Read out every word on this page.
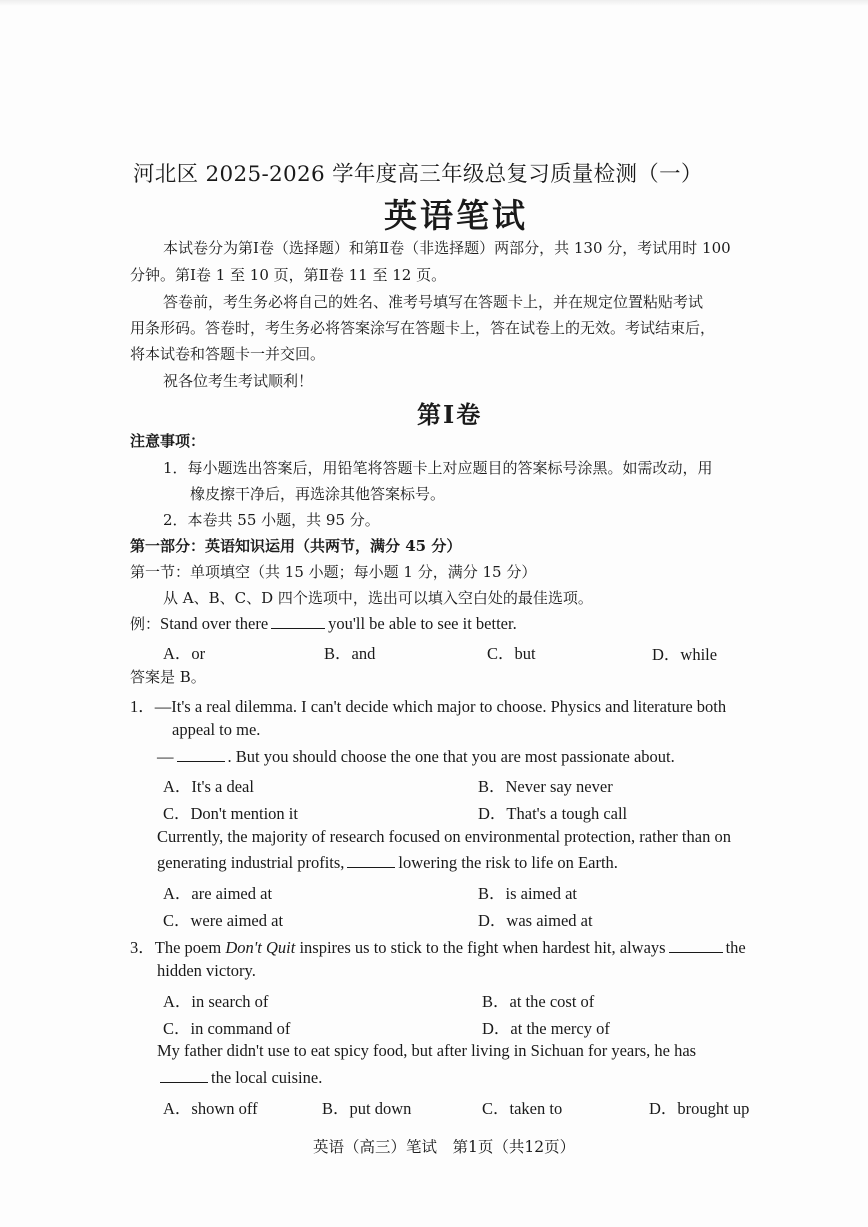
河北区 2025-2026 学年度高三年级总复习质量检测（一）
英语笔试
本试卷分为第Ⅰ卷（选择题）和第Ⅱ卷（非选择题）两部分，共 130 分，考试用时 100
分钟。第Ⅰ卷 1 至 10 页，第Ⅱ卷 11 至 12 页。
答卷前，考生务必将自己的姓名、准考号填写在答题卡上，并在规定位置粘贴考试
用条形码。答卷时，考生务必将答案涂写在答题卡上，答在试卷上的无效。考试结束后，
将本试卷和答题卡一并交回。
祝各位考生考试顺利！
第Ⅰ卷
注意事项：
1．每小题选出答案后，用铅笔将答题卡上对应题目的答案标号涂黑。如需改动，用
橡皮擦干净后，再选涂其他答案标号。
2．本卷共 55 小题，共 95 分。
第一部分：英语知识运用（共两节，满分 45 分）
第一节：单项填空（共 15 小题；每小题 1 分，满分 15 分）
从 A、B、C、D 四个选项中，选出可以填入空白处的最佳选项。
例：Stand over there	you'll be able to see it better.
A．or	B．and	C．but	D．while
答案是 B。
1．—It's a real dilemma. I can't decide which major to choose. Physics and literature both
appeal to me.
—	. But you should choose the one that you are most passionate about.
A．It's a deal	B．Never say never
C．Don't mention it	D．That's a tough call
Currently, the majority of research focused on environmental protection, rather than on
generating industrial profits,	lowering the risk to life on Earth.
A．are aimed at	B．is aimed at
C．were aimed at	D．was aimed at
3．The poem Don't Quit inspires us to stick to the fight when hardest hit, always	the
hidden victory.
A．in search of	B．at the cost of
C．in command of	D．at the mercy of
My father didn't use to eat spicy food, but after living in Sichuan for years, he has
the local cuisine.
A．shown off	B．put down	C．taken to	D．brought up
英语（高三）笔试　第1页（共12页）
